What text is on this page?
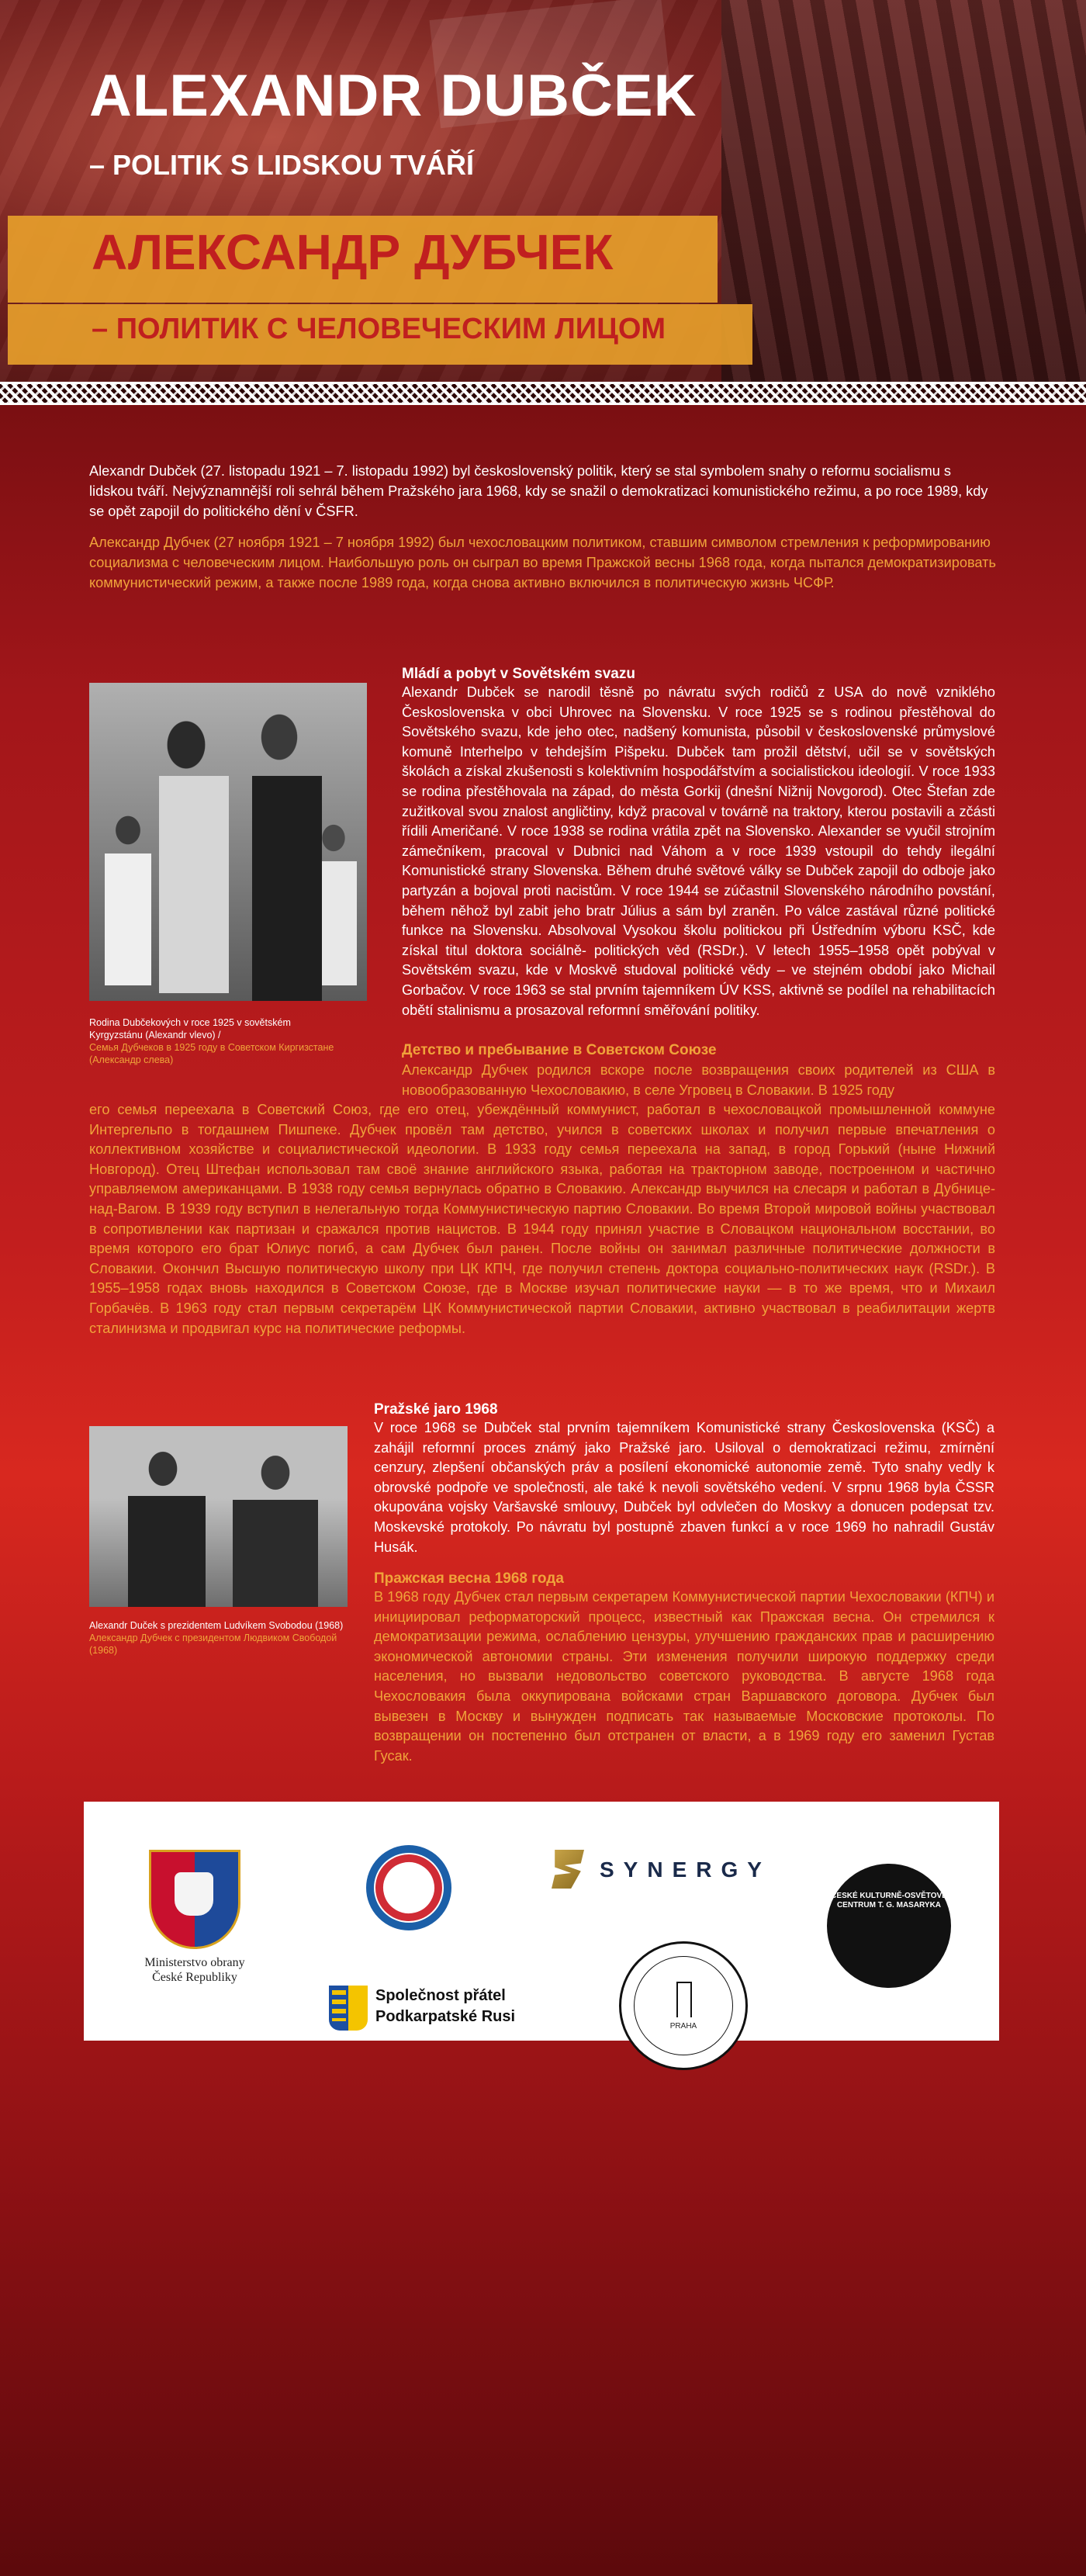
ALEXANDR DUBČEK
– POLITIK S LIDSKOU TVÁŘÍ
АЛЕКСАНДР ДУБЧЕК
– ПОЛИТИК С ЧЕЛОВЕЧЕСКИМ ЛИЦОМ

Alexandr Dubček (27. listopadu 1921 – 7. listopadu 1992) byl československý politik, který se stal symbolem snahy o reformu socialismu s lidskou tváří. Nejvýznamnější roli sehrál během Pražského jara 1968, kdy se snažil o demokratizaci komunistického režimu, a po roce 1989, kdy se opět zapojil do politického dění v ČSFR.

Александр Дубчек (27 ноября 1921 – 7 ноября 1992) был чехословацким политиком, ставшим символом стремления к реформированию социализма с человеческим лицом. Наибольшую роль он сыграл во время Пражской весны 1968 года, когда пытался демократизировать коммунистический режим, а также после 1989 года, когда снова активно включился в политическую жизнь ЧСФР.

Rodina Dubčekových v roce 1925 v sovětském Kyrgyzstánu (Alexandr vlevo) /
Семья Дубчеков в 1925 году в Советском Киргизстане (Александр слева)
Mládí a pobyt v Sovětském svazu

Alexandr Dubček se narodil těsně po návratu svých rodičů z USA do nově vzniklého Československa v obci Uhrovec na Slovensku. V roce 1925 se s rodinou přestěhoval do Sovětského svazu, kde jeho otec, nadšený komunista, působil v československé průmyslové komuně Interhelpo v tehdejším Pišpeku. Dubček tam prožil dětství, učil se v sovětských školách a získal zkušenosti s kolektivním hospodářstvím a socialistickou ideologií. V roce 1933 se rodina přestěhovala na západ, do města Gorkij (dnešní Nižnij Novgorod). Otec Štefan zde zužitkoval svou znalost angličtiny, když pracoval v továrně na traktory, kterou postavili a zčásti řídili Američané. V roce 1938 se rodina vrátila zpět na Slovensko. Alexander se vyučil strojním zámečníkem, pracoval v Dubnici nad Váhom a v roce 1939 vstoupil do tehdy ilegální Komunistické strany Slovenska. Během druhé světové války se Dubček zapojil do odboje jako partyzán a bojoval proti nacistům. V roce 1944 se zúčastnil Slovenského národního povstání, během něhož byl zabit jeho bratr Július a sám byl zraněn. Po válce zastával různé politické funkce na Slovensku. Absolvoval Vysokou školu politickou při Ústředním výboru KSČ, kde získal titul doktora sociálně- politických věd (RSDr.). V letech 1955–1958 opět pobýval v Sovětském svazu, kde v Moskvě studoval politické vědy – ve stejném období jako Michail Gorbačov. V roce 1963 se stal prvním tajemníkem ÚV KSS, aktivně se podílel na rehabilitacích obětí stalinismu a prosazoval reformní směřování politiky.

Детство и пребывание в Советском Союзе

Александр Дубчек родился вскоре после возвращения своих родителей из США в новообразованную Чехословакию, в селе Угровец в Словакии. В 1925 году

его семья переехала в Советский Союз, где его отец, убеждённый коммунист, работал в чехословацкой промышленной коммуне Интергельпо в тогдашнем Пишпеке. Дубчек провёл там детство, учился в советских школах и получил первые впечатления о коллективном хозяйстве и социалистической идеологии. В 1933 году семья переехала на запад, в город Горький (ныне Нижний Новгород). Отец Штефан использовал там своё знание английского языка, работая на тракторном заводе, построенном и частично управляемом американцами. В 1938 году семья вернулась обратно в Словакию. Александр выучился на слесаря и работал в Дубнице-над-Вагом. В 1939 году вступил в нелегальную тогда Коммунистическую партию Словакии. Во время Второй мировой войны участвовал в сопротивлении как партизан и сражался против нацистов. В 1944 году принял участие в Словацком национальном восстании, во время которого его брат Юлиус погиб, а сам Дубчек был ранен. После войны он занимал различные политические должности в Словакии. Окончил Высшую политическую школу при ЦК КПЧ, где получил степень доктора социально-политических наук (RSDr.). В 1955–1958 годах вновь находился в Советском Союзе, где в Москве изучал политические науки — в то же время, что и Михаил Горбачёв. В 1963 году стал первым секретарём ЦК Коммунистической партии Словакии, активно участвовал в реабилитации жертв сталинизма и продвигал курс на политические реформы.

Alexandr Duček s prezidentem Ludvíkem Svobodou (1968)
Александр Дубчек с президентом Людвиком Свободой (1968)
Pražské jaro 1968

V roce 1968 se Dubček stal prvním tajemníkem Komunistické strany Československa (KSČ) a zahájil reformní proces známý jako Pražské jaro. Usiloval o demokratizaci režimu, zmírnění cenzury, zlepšení občanských práv a posílení ekonomické autonomie země. Tyto snahy vedly k obrovské podpoře ve společnosti, ale také k nevoli sovětského vedení. V srpnu 1968 byla ČSSR okupována vojsky Varšavské smlouvy, Dubček byl odvlečen do Moskvy a donucen podepsat tzv. Moskevské protokoly. Po návratu byl postupně zbaven funkcí a v roce 1969 ho nahradil Gustáv Husák.

Пражская весна 1968 года

В 1968 году Дубчек стал первым секретарем Коммунистической партии Чехословакии (КПЧ) и инициировал реформаторский процесс, известный как Пражская весна. Он стремился к демократизации режима, ослаблению цензуры, улучшению гражданских прав и расширению экономической автономии страны. Эти изменения получили широкую поддержку среди населения, но вызвали недовольство советского руководства. В августе 1968 года Чехословакия была оккупирована войсками стран Варшавского договора. Дубчек был вывезен в Москву и вынужден подписать так называемые Московские протоколы. По возвращении он постепенно был отстранен от власти, а в 1969 году его заменил Густав Гусак.

Ministerstvo obrany České Republiky
SYNERGY
ČESKÉ KULTURNĚ-OSVĚTOVÉ CENTRUM T. G. MASARYKA
Společnost přátel
Podkarpatské Rusi
PRAHA
